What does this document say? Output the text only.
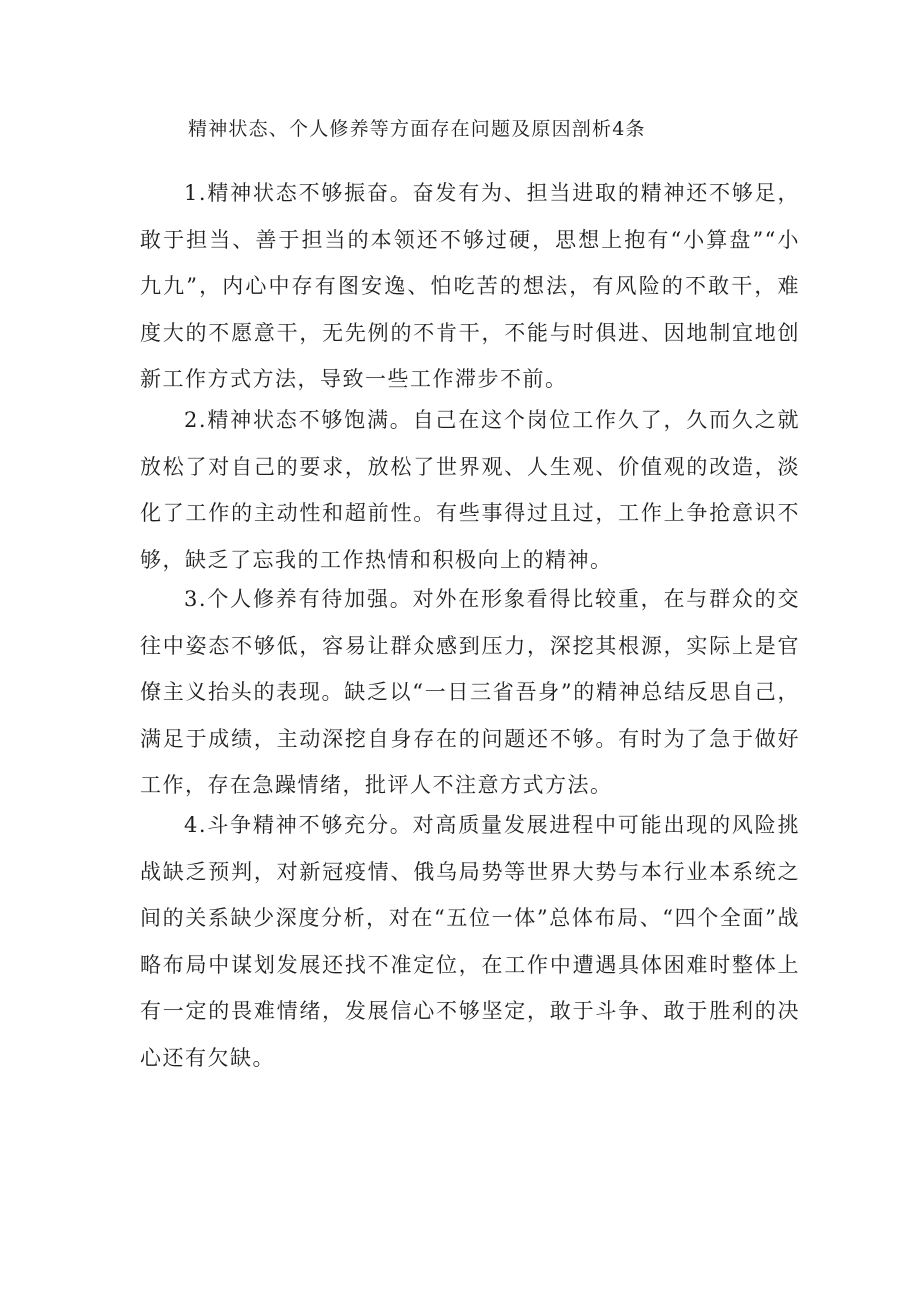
精神状态、个人修养等方面存在问题及原因剖析4条

1.精神状态不够振奋。奋发有为、担当进取的精神还不够足，敢于担当、善于担当的本领还不够过硬，思想上抱有“小算盘”“小九九”，内心中存有图安逸、怕吃苦的想法，有风险的不敢干，难度大的不愿意干，无先例的不肯干，不能与时俱进、因地制宜地创新工作方式方法，导致一些工作滞步不前。

2.精神状态不够饱满。自己在这个岗位工作久了，久而久之就放松了对自己的要求，放松了世界观、人生观、价值观的改造，淡化了工作的主动性和超前性。有些事得过且过，工作上争抢意识不够，缺乏了忘我的工作热情和积极向上的精神。

3.个人修养有待加强。对外在形象看得比较重，在与群众的交往中姿态不够低，容易让群众感到压力，深挖其根源，实际上是官僚主义抬头的表现。缺乏以“一日三省吾身”的精神总结反思自己，满足于成绩，主动深挖自身存在的问题还不够。有时为了急于做好工作，存在急躁情绪，批评人不注意方式方法。

4.斗争精神不够充分。对高质量发展进程中可能出现的风险挑战缺乏预判，对新冠疫情、俄乌局势等世界大势与本行业本系统之间的关系缺少深度分析，对在“五位一体”总体布局、“四个全面”战略布局中谋划发展还找不准定位，在工作中遭遇具体困难时整体上有一定的畏难情绪，发展信心不够坚定，敢于斗争、敢于胜利的决心还有欠缺。
